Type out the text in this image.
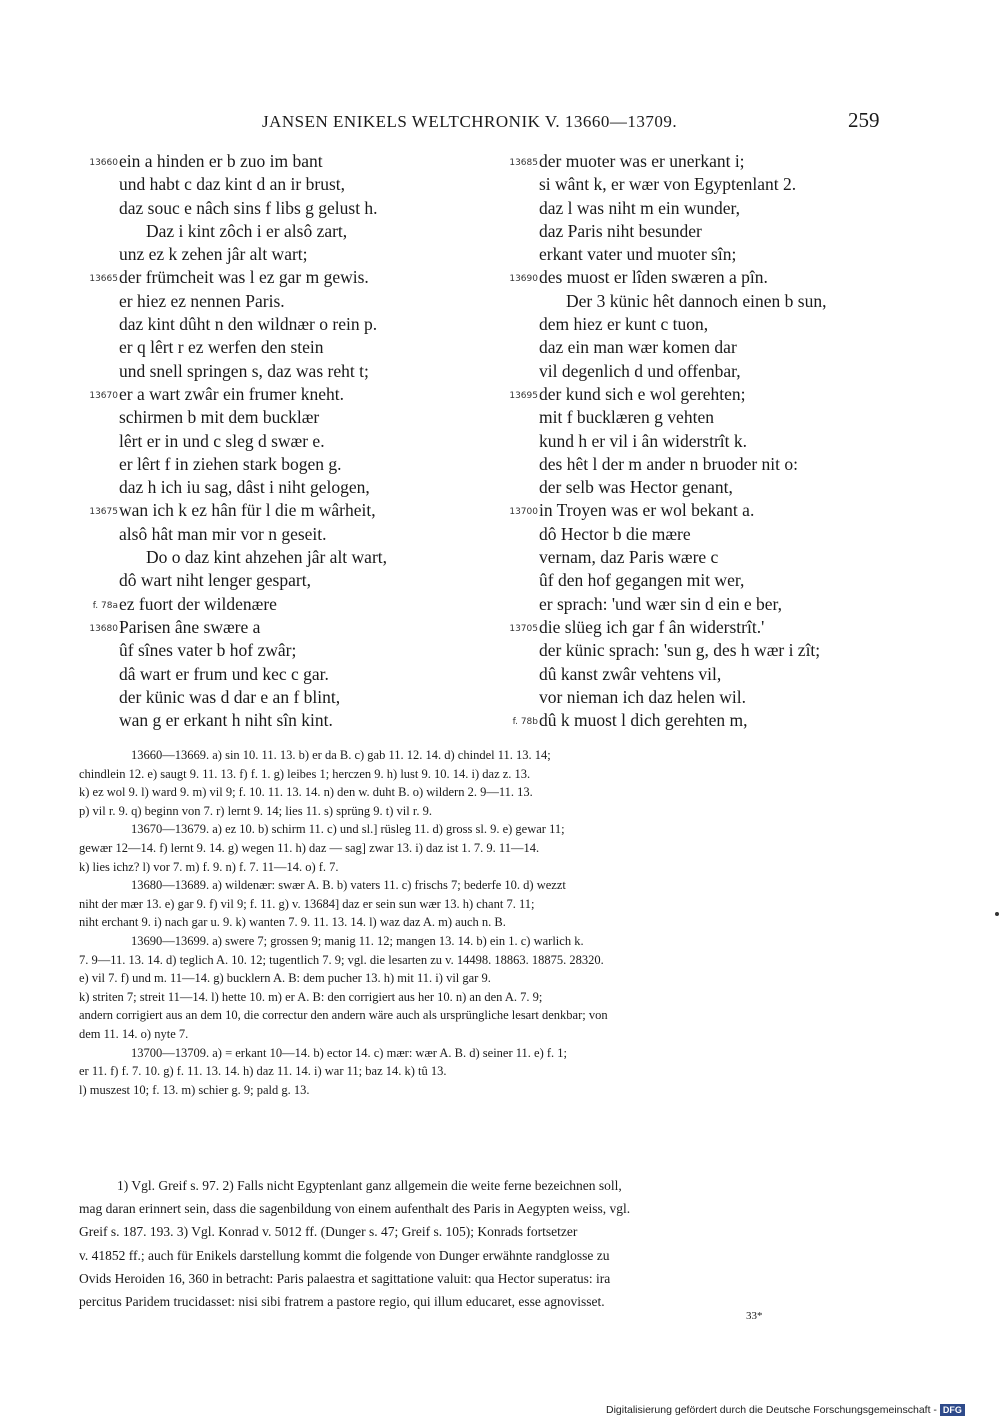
JANSEN ENIKELS WELTCHRONIK V. 13660—13709.	259
13660 ein a hinden er b zuo im bant
und habt c daz kint d an ir brust,
daz souc e nâch sins f libs g gelust h.
Daz i kint zôch i er alsô zart,
unz ez k zehen jâr alt wart;
13665 der frümcheit was l ez gar m gewis.
er hiez ez nennen Paris.
daz kint dûht n den wildnær o rein p.
er q lêrt r ez werfen den stein
und snell springen s, daz was reht t;
13670 er a wart zwâr ein frumer kneht.
schirmen b mit dem bucklær
lêrt er in und c sleg d swær e.
er lêrt f in ziehen stark bogen g.
daz h ich iu sag, dâst i niht gelogen,
13675 wan ich k ez hân für l die m wârheit,
alsô hât man mir vor n geseit.
Do o daz kint ahzehen jâr alt wart,
dô wart niht lenger gespart,
f. 78a ez fuort der wildenære
13680 Parisen âne swære a
ûf sînes vater b hof zwâr;
dâ wart er frum und kec c gar.
der künic was d dar e an f blint,
wan g er erkant h niht sîn kint.
13685 der muoter was er unerkant i;
si wânt k, er wær von Egyptenlant 2.
daz l was niht m ein wunder,
daz Paris niht besunder
erkant vater und muoter sîn;
13690 des muost er lîden swæren a pîn.
Der 3 künic hêt dannoch einen b sun,
dem hiez er kunt c tuon,
daz ein man wær komen dar
vil degenlich d und offenbar,
13695 der kund sich e wol gerehten;
mit f bucklæren g vehten
kund h er vil i ân widerstrît k.
des hêt l der m ander n bruoder nit o:
der selb was Hector genant,
13700 in Troyen was er wol bekant a.
dô Hector b die mære
vernam, daz Paris wære c
ûf den hof gegangen mit wer,
er sprach: 'und wær sin d ein e ber,
13705 die slüeg ich gar f ân widerstrît.'
der künic sprach: 'sun g, des h wær i zît;
dû kanst zwâr vehtens vil,
vor nieman ich daz helen wil.
f. 78b dû k muost l dich gerehten m,
13660—13669. a) sin 10. 11. 13. b) er da B. c) gab 11. 12. 14. d) chindel 11. 13. 14;
chindlein 12. e) saugt 9. 11. 13. f) f. 1. g) leibes 1; herczen 9. h) lust 9. 10. 14. i) daz z. 13.
k) ez wol 9. l) ward 9. m) vil 9; f. 10. 11. 13. 14. n) den w. duht B. o) wildern 2. 9—11. 13.
p) vil r. 9. q) beginn von 7. r) lernt 9. 14; lies 11. s) sprüng 9. t) vil r. 9.
13670—13679. a) ez 10. b) schirm 11. c) und sl.] rüsleg 11. d) gross sl. 9. e) gewar 11;
gewær 12—14. f) lernt 9. 14. g) wegen 11. h) daz — sag] zwar 13. i) daz ist 1. 7. 9. 11—14.
k) lies ichz? l) vor 7. m) f. 9. n) f. 7. 11—14. o) f. 7.
13680—13689. a) wildenær: swær A. B. b) vaters 11. c) frischs 7; bederfe 10. d) wezzt
niht der mær 13. e) gar 9. f) vil 9; f. 11. g) v. 13684] daz er sein sun wær 13. h) chant 7. 11;
niht erchant 9. i) nach gar u. 9. k) wanten 7. 9. 11. 13. 14. l) waz daz A. m) auch n. B.
13690—13699. a) swere 7; grossen 9; manig 11. 12; mangen 13. 14. b) ein 1. c) warlich k.
7. 9—11. 13. 14. d) teglich A. 10. 12; tugentlich 7. 9; vgl. die lesarten zu v. 14498. 18863. 18875. 28320.
e) vil 7. f) und m. 11—14. g) bucklern A. B: dem pucher 13. h) mit 11. i) vil gar 9.
k) striten 7; streit 11—14. l) hette 10. m) er A. B: den corrigiert aus her 10. n) an den A. 7. 9;
andern corrigiert aus an dem 10, die correctur den andern wäre auch als ursprüngliche lesart denkbar; von
dem 11. 14. o) nyte 7.
13700—13709. a) = erkant 10—14. b) ector 14. c) mær: wær A. B. d) seiner 11. e) f. 1;
er 11. f) f. 7. 10. g) f. 11. 13. 14. h) daz 11. 14. i) war 11; baz 14. k) tû 13.
l) muszest 10; f. 13. m) schier g. 9; pald g. 13.
1) Vgl. Greif s. 97. 2) Falls nicht Egyptenlant ganz allgemein die weite ferne bezeichnen soll,
mag daran erinnert sein, dass die sagenbildung von einem aufenthalt des Paris in Aegypten weiss, vgl.
Greif s. 187. 193. 3) Vgl. Konrad v. 5012 ff. (Dunger s. 47; Greif s. 105); Konrads fortsetzer
v. 41852 ff.; auch für Enikels darstellung kommt die folgende von Dunger erwähnte randglosse zu
Ovids Heroiden 16, 360 in betracht: Paris palaestra et sagittatione valuit: qua Hector superatus: ira
percitus Paridem trucidasset: nisi sibi fratrem a pastore regio, qui illum educaret, esse agnovisset.
33*
Digitalisierung gefördert durch die Deutsche Forschungsgemeinschaft - DFG
